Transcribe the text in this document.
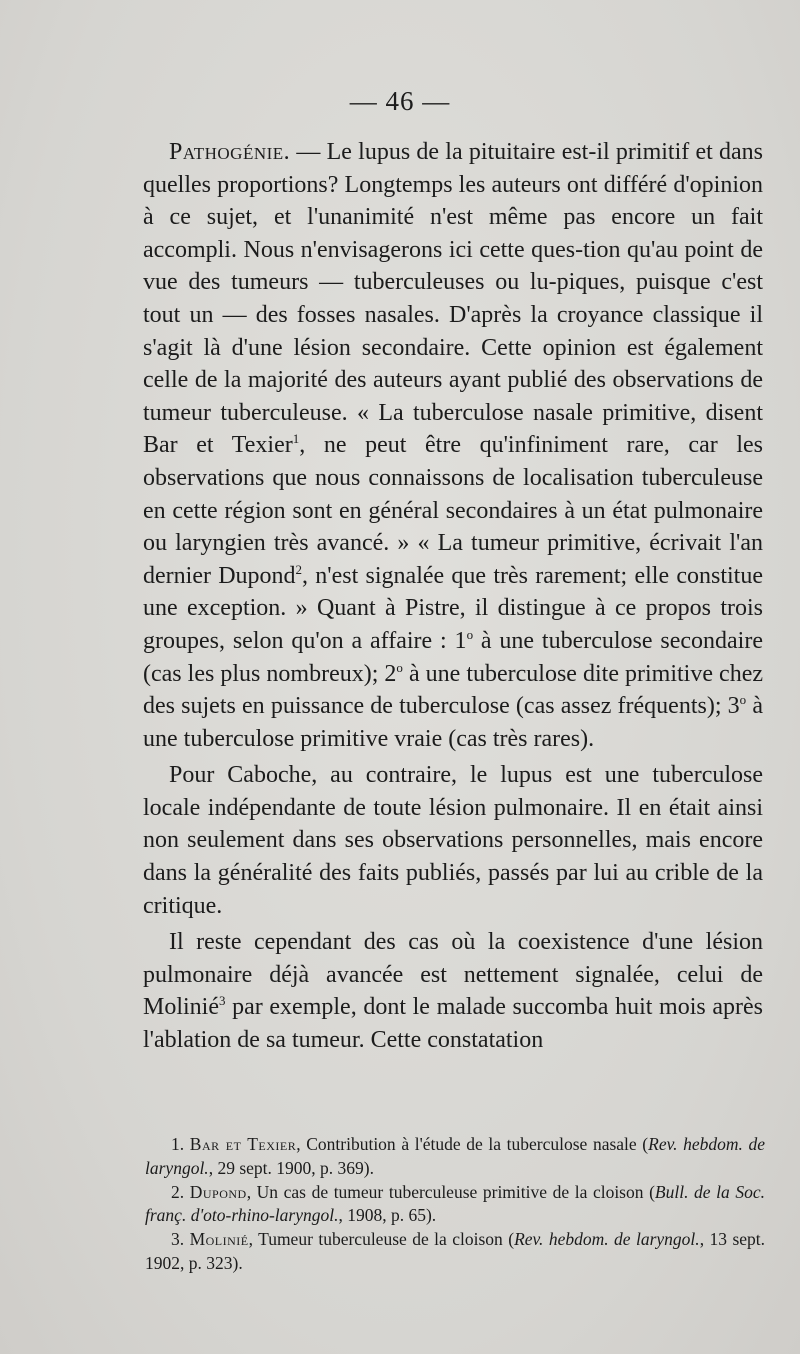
— 46 —

Pathogénie. — Le lupus de la pituitaire est-il primitif et dans quelles proportions? Longtemps les auteurs ont différé d'opinion à ce sujet, et l'unanimité n'est même pas encore un fait accompli. Nous n'envisagerons ici cette ques-tion qu'au point de vue des tumeurs — tuberculeuses ou lu-piques, puisque c'est tout un — des fosses nasales. D'après la croyance classique il s'agit là d'une lésion secondaire. Cette opinion est également celle de la majorité des auteurs ayant publié des observations de tumeur tuberculeuse. « La tuberculose nasale primitive, disent Bar et Texier$^1$, ne peut être qu'infiniment rare, car les observations que nous connaissons de localisation tuberculeuse en cette région sont en général secondaires à un état pulmonaire ou laryngien très avancé. » « La tumeur primitive, écrivait l'an dernier Dupond$^2$, n'est signalée que très rarement; elle constitue une exception. » Quant à Pistre, il distingue à ce propos trois groupes, selon qu'on a affaire : 1$^o$ à une tuberculose secondaire (cas les plus nombreux); 2$^o$ à une tuberculose dite primitive chez des sujets en puissance de tuberculose (cas assez fréquents); 3$^o$ à une tuberculose primitive vraie (cas très rares).

Pour Caboche, au contraire, le lupus est une tuberculose locale indépendante de toute lésion pulmonaire. Il en était ainsi non seulement dans ses observations personnelles, mais encore dans la généralité des faits publiés, passés par lui au crible de la critique.

Il reste cependant des cas où la coexistence d'une lésion pulmonaire déjà avancée est nettement signalée, celui de Molinié$^3$ par exemple, dont le malade succomba huit mois après l'ablation de sa tumeur. Cette constatation

1. Bar et Texier, Contribution à l'étude de la tuberculose nasale (Rev. hebdom. de laryngol., 29 sept. 1900, p. 369).

2. Dupond, Un cas de tumeur tuberculeuse primitive de la cloison (Bull. de la Soc. franç. d'oto-rhino-laryngol., 1908, p. 65).

3. Molinié, Tumeur tuberculeuse de la cloison (Rev. hebdom. de laryngol., 13 sept. 1902, p. 323).
